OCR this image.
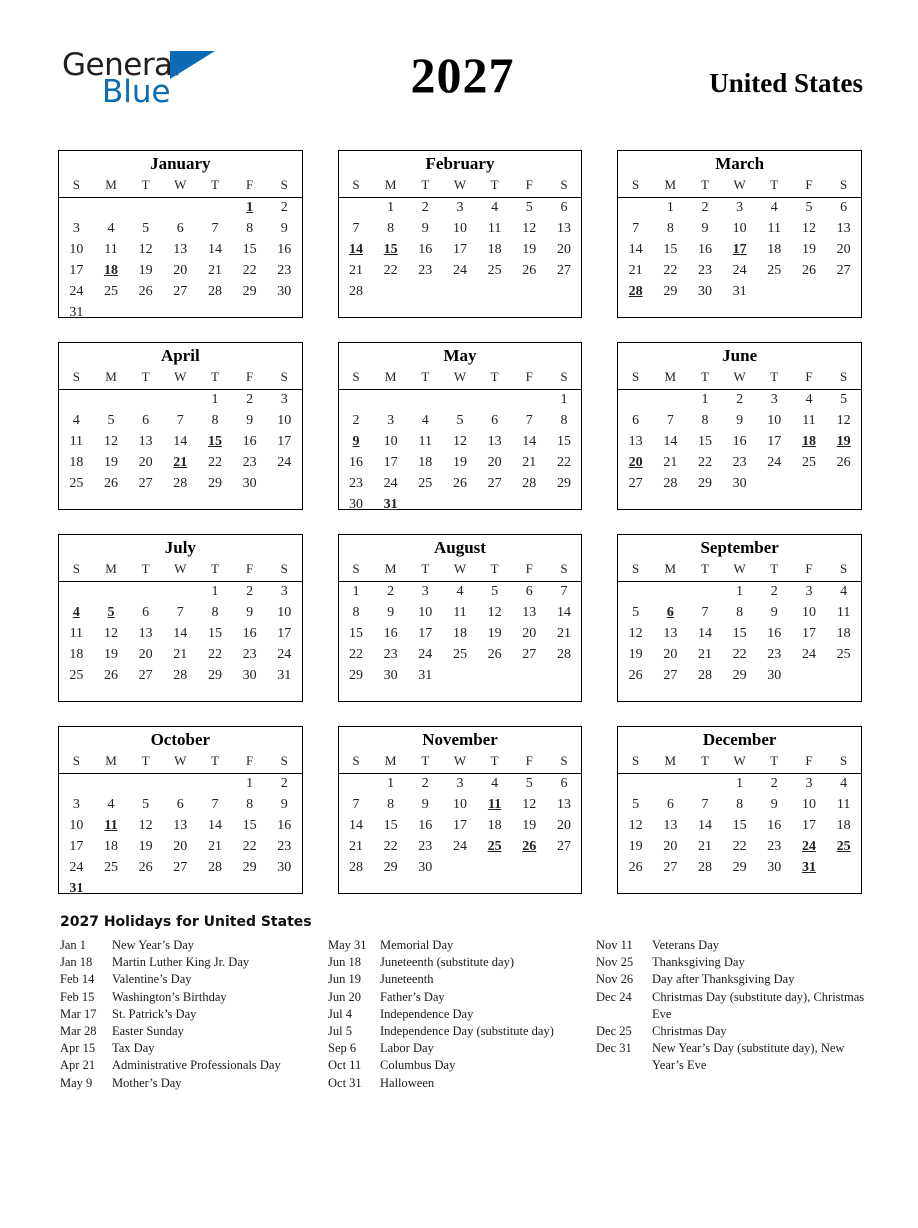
General
Blue	2027	United States
January
S	M	T	W	T	F	S
					1	2
3	4	5	6	7	8	9
10	11	12	13	14	15	16
17	18	19	20	21	22	23
24	25	26	27	28	29	30
31						
February
S	M	T	W	T	F	S
	1	2	3	4	5	6
7	8	9	10	11	12	13
14	15	16	17	18	19	20
21	22	23	24	25	26	27
28						

March
S	M	T	W	T	F	S
	1	2	3	4	5	6
7	8	9	10	11	12	13
14	15	16	17	18	19	20
21	22	23	24	25	26	27
28	29	30	31			

April
S	M	T	W	T	F	S
				1	2	3
4	5	6	7	8	9	10
11	12	13	14	15	16	17
18	19	20	21	22	23	24
25	26	27	28	29	30	

May
S	M	T	W	T	F	S
						1
2	3	4	5	6	7	8
9	10	11	12	13	14	15
16	17	18	19	20	21	22
23	24	25	26	27	28	29
30	31					
June
S	M	T	W	T	F	S
		1	2	3	4	5
6	7	8	9	10	11	12
13	14	15	16	17	18	19
20	21	22	23	24	25	26
27	28	29	30			

July
S	M	T	W	T	F	S
				1	2	3
4	5	6	7	8	9	10
11	12	13	14	15	16	17
18	19	20	21	22	23	24
25	26	27	28	29	30	31

August
S	M	T	W	T	F	S
1	2	3	4	5	6	7
8	9	10	11	12	13	14
15	16	17	18	19	20	21
22	23	24	25	26	27	28
29	30	31				

September
S	M	T	W	T	F	S
			1	2	3	4
5	6	7	8	9	10	11
12	13	14	15	16	17	18
19	20	21	22	23	24	25
26	27	28	29	30		

October
S	M	T	W	T	F	S
					1	2
3	4	5	6	7	8	9
10	11	12	13	14	15	16
17	18	19	20	21	22	23
24	25	26	27	28	29	30
31						
November
S	M	T	W	T	F	S
	1	2	3	4	5	6
7	8	9	10	11	12	13
14	15	16	17	18	19	20
21	22	23	24	25	26	27
28	29	30				

December
S	M	T	W	T	F	S
			1	2	3	4
5	6	7	8	9	10	11
12	13	14	15	16	17	18
19	20	21	22	23	24	25
26	27	28	29	30	31	

2027 Holidays for United States
Jan 1	New Year’s Day
Jan 18	Martin Luther King Jr. Day
Feb 14	Valentine’s Day
Feb 15	Washington’s Birthday
Mar 17	St. Patrick’s Day
Mar 28	Easter Sunday
Apr 15	Tax Day
Apr 21	Administrative Professionals Day
May 9	Mother’s Day
May 31	Memorial Day
Jun 18	Juneteenth (substitute day)
Jun 19	Juneteenth
Jun 20	Father’s Day
Jul 4	Independence Day
Jul 5	Independence Day (substitute day)
Sep 6	Labor Day
Oct 11	Columbus Day
Oct 31	Halloween
Nov 11	Veterans Day
Nov 25	Thanksgiving Day
Nov 26	Day after Thanksgiving Day
Dec 24	Christmas Day (substitute day), Christmas Eve
Dec 25	Christmas Day
Dec 31	New Year’s Day (substitute day), New Year’s Eve
